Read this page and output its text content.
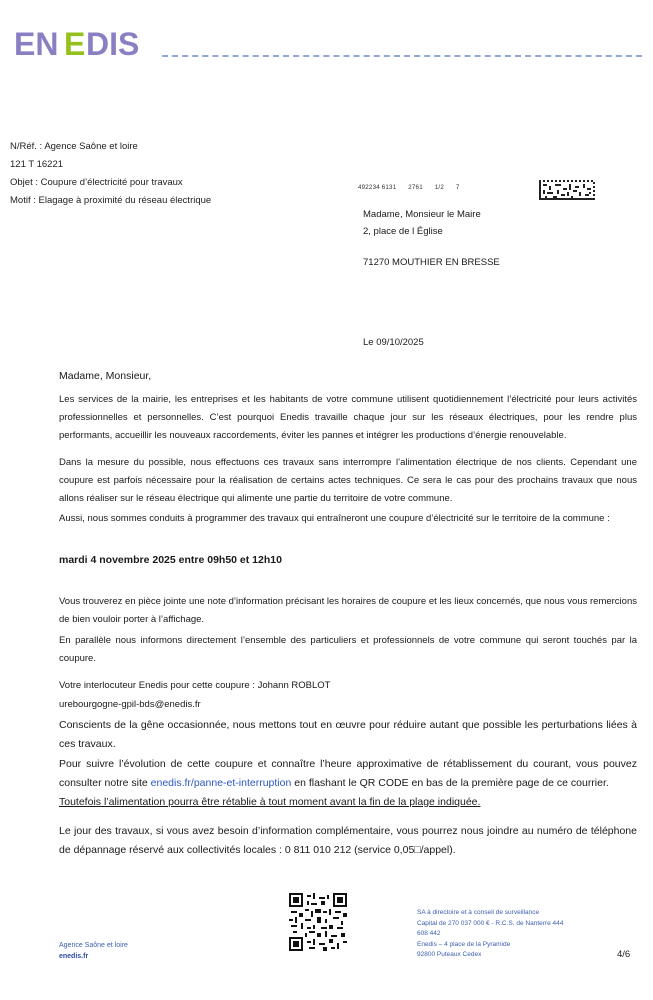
EN E DIS
N/Réf. : Agence Saône et loire
121 T 16221
Objet : Coupure d’électricité pour travaux
Motif : Elagage à proximité du réseau électrique
492234 6131 2761 1/2 7
Madame, Monsieur le Maire
2, place de l Église
71270 MOUTHIER EN BRESSE
Le 09/10/2025
Madame, Monsieur,
Les services de la mairie, les entreprises et les habitants de votre commune utilisent quotidiennement l’électricité pour leurs activités professionnelles et personnelles. C’est pourquoi Enedis travaille chaque jour sur les réseaux électriques, pour les rendre plus performants, accueillir les nouveaux raccordements, éviter les pannes et intégrer les productions d’énergie renouvelable.
Dans la mesure du possible, nous effectuons ces travaux sans interrompre l’alimentation électrique de nos clients. Cependant une coupure est parfois nécessaire pour la réalisation de certains actes techniques. Ce sera le cas pour des prochains travaux que nous allons réaliser sur le réseau électrique qui alimente une partie du territoire de votre commune.
Aussi, nous sommes conduits à programmer des travaux qui entraîneront une coupure d’électricité sur le territoire de la commune :
mardi 4 novembre 2025 entre 09h50 et 12h10
Vous trouverez en pièce jointe une note d’information précisant les horaires de coupure et les lieux concernés, que nous vous remercions de bien vouloir porter à l’affichage.
En parallèle nous informons directement l’ensemble des particuliers et professionnels de votre commune qui seront touchés par la coupure.
Votre interlocuteur Enedis pour cette coupure : Johann ROBLOT
urebourgogne-gpil-bds@enedis.fr
Conscients de la gêne occasionnée, nous mettons tout en œuvre pour réduire autant que possible les perturbations liées à ces travaux.
Pour suivre l’évolution de cette coupure et connaître l’heure approximative de rétablissement du courant, vous pouvez consulter notre site enedis.fr/panne-et-interruption en flashant le QR CODE en bas de la première page de ce courrier.
Toutefois l’alimentation pourra être rétablie à tout moment avant la fin de la plage indiquée.
Le jour des travaux, si vous avez besoin d’information complémentaire, vous pourrez nous joindre au numéro de téléphone de dépannage réservé aux collectivités locales : 0 811 010 212 (service 0,05□/appel).
SA à directoire et à conseil de surveillance
Capital de 270 037 000 € - R.C.S. de Nanterre 444
608 442
Enedis – 4 place de la Pyramide
92800 Puteaux Cedex
Agence Saône et loire
enedis.fr	4/6
